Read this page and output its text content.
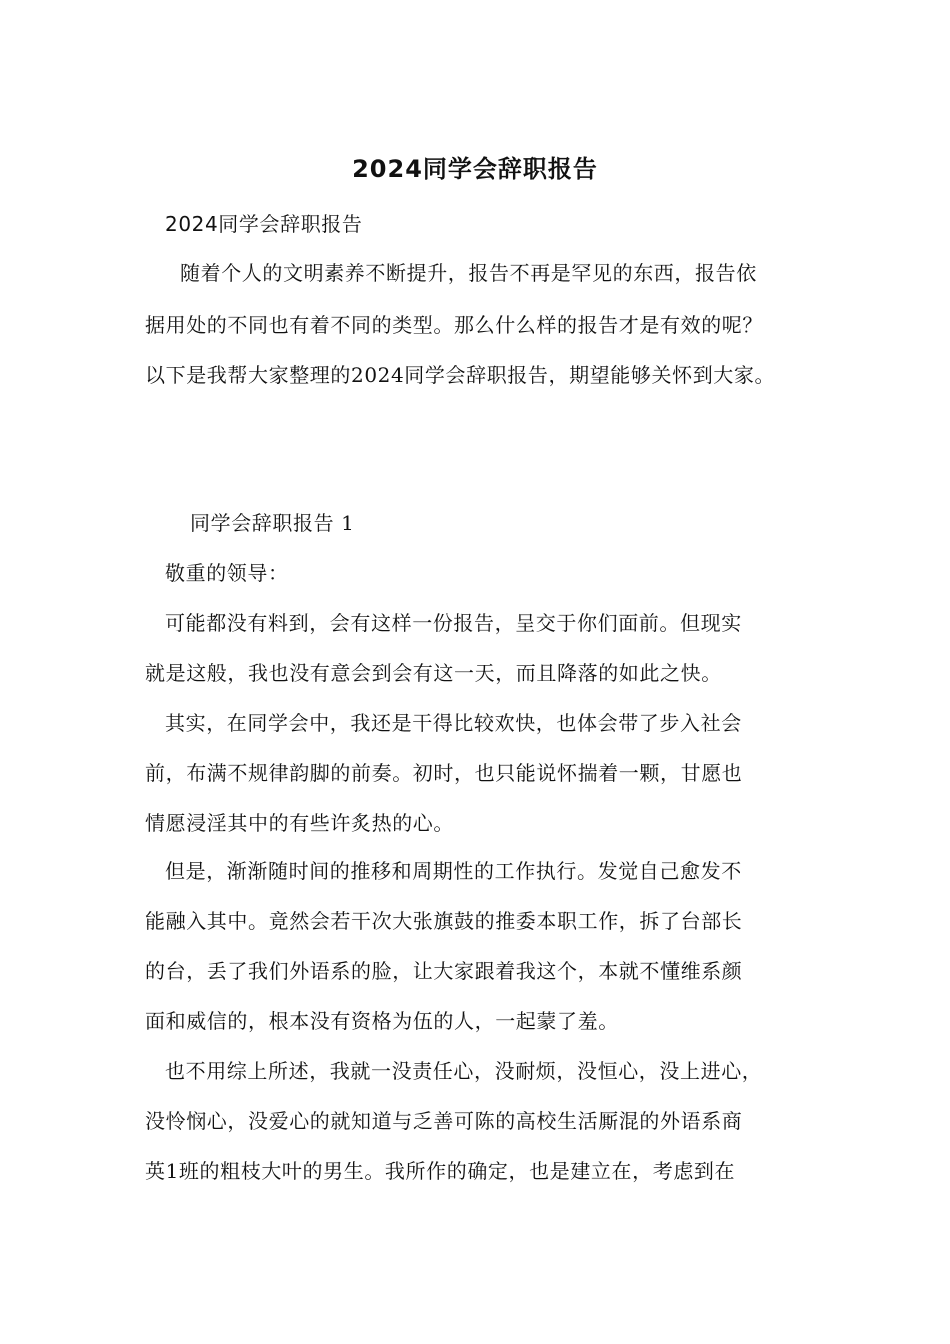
2024同学会辞职报告
2024同学会辞职报告
随着个人的文明素养不断提升，报告不再是罕见的东西，报告依
据用处的不同也有着不同的类型。那么什么样的报告才是有效的呢？
以下是我帮大家整理的2024同学会辞职报告，期望能够关怀到大家。
同学会辞职报告 1
敬重的领导：
可能都没有料到，会有这样一份报告，呈交于你们面前。但现实
就是这般，我也没有意会到会有这一天，而且降落的如此之快。
其实，在同学会中，我还是干得比较欢快，也体会带了步入社会
前，布满不规律韵脚的前奏。初时，也只能说怀揣着一颗，甘愿也
情愿浸淫其中的有些许炙热的心。
但是，渐渐随时间的推移和周期性的工作执行。发觉自己愈发不
能融入其中。竟然会若干次大张旗鼓的推委本职工作，拆了台部长
的台，丢了我们外语系的脸，让大家跟着我这个，本就不懂维系颜
面和威信的，根本没有资格为伍的人，一起蒙了羞。
也不用综上所述，我就一没责任心，没耐烦，没恒心，没上进心，
没怜悯心，没爱心的就知道与乏善可陈的高校生活厮混的外语系商
英1班的粗枝大叶的男生。我所作的确定，也是建立在，考虑到在
